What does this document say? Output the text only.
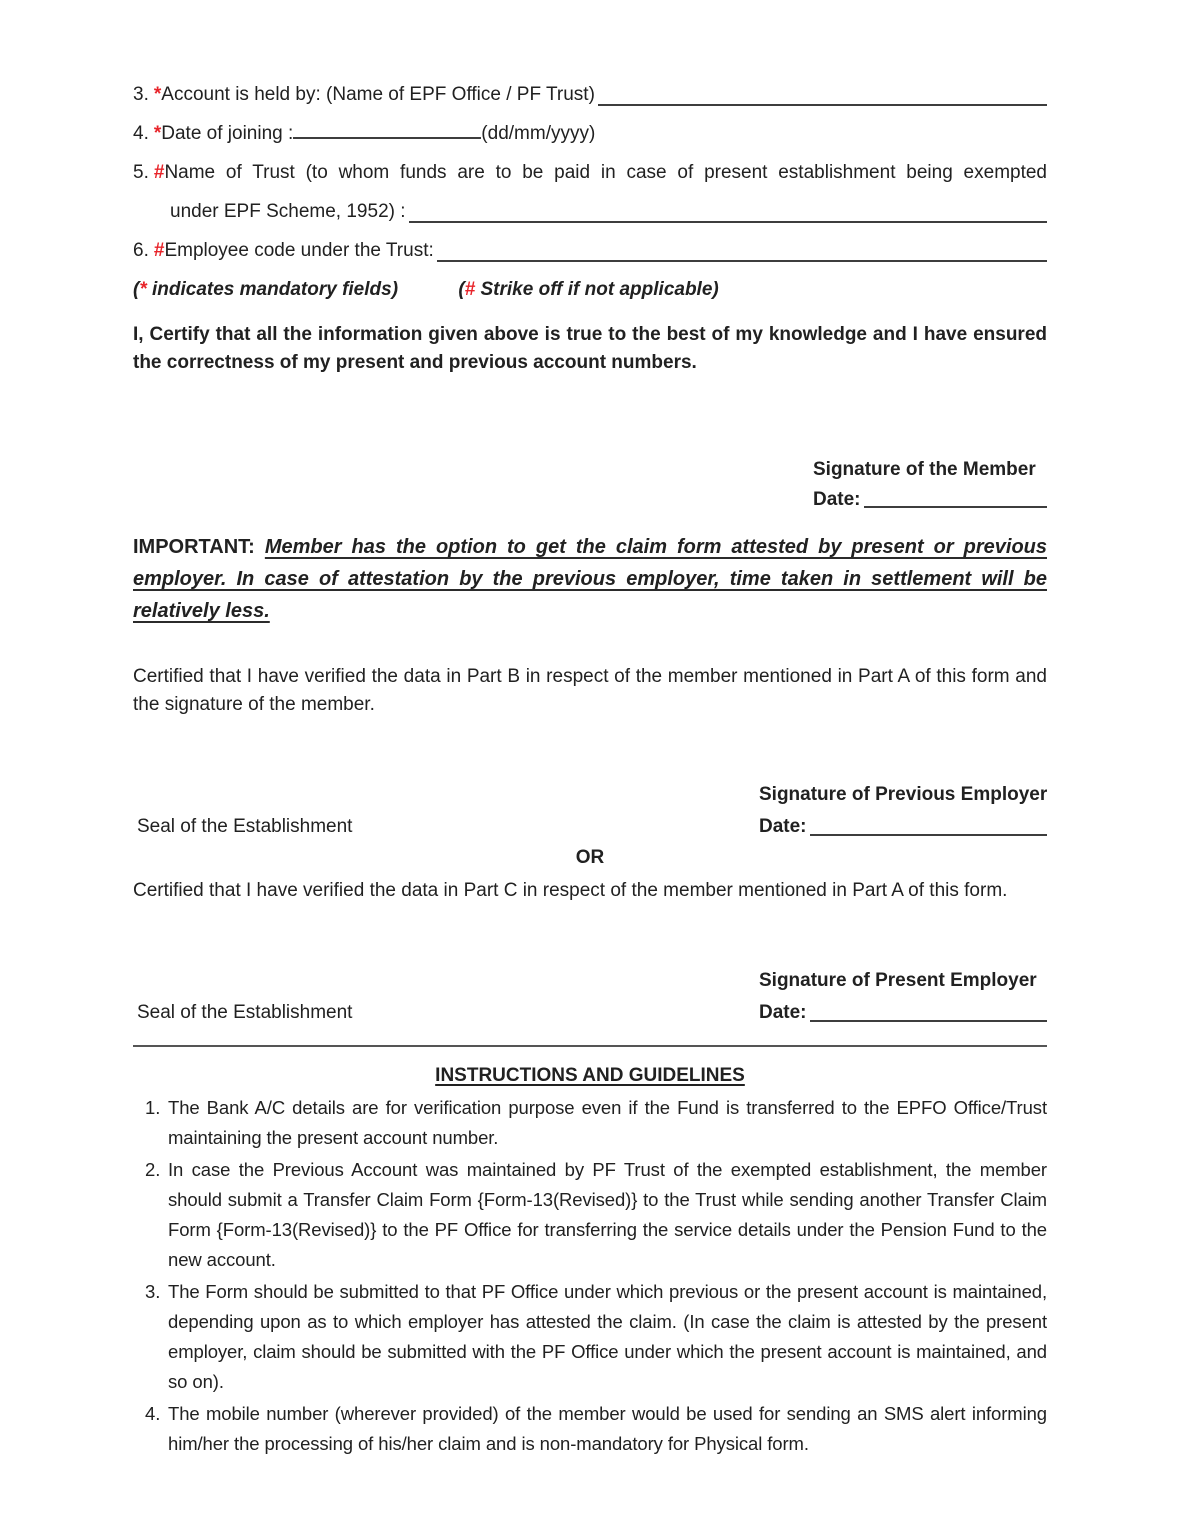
3. *Account is held by: (Name of EPF Office / PF Trust)
4. *Date of joining :	(dd/mm/yyyy)
5. #Name of Trust (to whom funds are to be paid in case of present establishment being exempted
under EPF Scheme, 1952) :
6. #Employee code under the Trust:
(* indicates mandatory fields)	(# Strike off if not applicable)
I, Certify that all the information given above is true to the best of my knowledge and I have ensured the correctness of my present and previous account numbers.
Signature of the Member
Date:
IMPORTANT: Member has the option to get the claim form attested by present or previous employer. In case of attestation by the previous employer, time taken in settlement will be relatively less.
Certified that I have verified the data in Part B in respect of the member mentioned in Part A of this form and the signature of the member.
Seal of the Establishment
Signature of Previous Employer
Date:
OR
Certified that I have verified the data in Part C in respect of the member mentioned in Part A of this form.
Seal of the Establishment
Signature of Present Employer
Date:
INSTRUCTIONS AND GUIDELINES
1. The Bank A/C details are for verification purpose even if the Fund is transferred to the EPFO Office/Trust maintaining the present account number.
2. In case the Previous Account was maintained by PF Trust of the exempted establishment, the member should submit a Transfer Claim Form {Form-13(Revised)} to the Trust while sending another Transfer Claim Form {Form-13(Revised)} to the PF Office for transferring the service details under the Pension Fund to the new account.
3. The Form should be submitted to that PF Office under which previous or the present account is maintained, depending upon as to which employer has attested the claim. (In case the claim is attested by the present employer, claim should be submitted with the PF Office under which the present account is maintained, and so on).
4. The mobile number (wherever provided) of the member would be used for sending an SMS alert informing him/her the processing of his/her claim and is non-mandatory for Physical form.
